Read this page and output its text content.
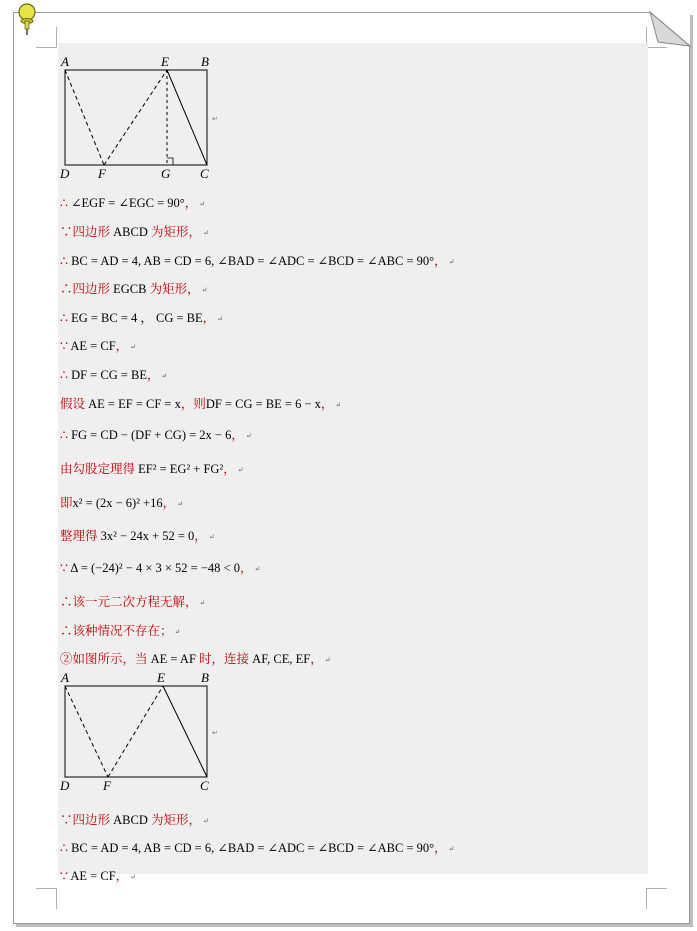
A	E B
D F	G C
↵
∴ ∠EGF = ∠EGC = 90°， ↵
∵四边形 ABCD 为矩形， ↵
∴ BC = AD = 4, AB = CD = 6, ∠BAD = ∠ADC = ∠BCD = ∠ABC = 90°， ↵
∴四边形 EGCB 为矩形， ↵
∴ EG = BC = 4 ， CG = BE， ↵
∵ AE = CF， ↵
∴ DF = CG = BE， ↵
假设 AE = EF = CF = x，则DF = CG = BE = 6 − x， ↵
∴ FG = CD − (DF + CG) = 2x − 6， ↵
由勾股定理得 EF² = EG² + FG²， ↵
即x² = (2x − 6)² +16， ↵
整理得 3x² − 24x + 52 = 0， ↵
∵ Δ = (−24)² − 4 × 3 × 52 = −48 < 0， ↵
∴该一元二次方程无解， ↵
∴该种情况不存在； ↵
②如图所示，当 AE = AF 时，连接 AF, CE, EF， ↵
A	E	B
D	F	C
↵
∵四边形 ABCD 为矩形， ↵
∴ BC = AD = 4, AB = CD = 6, ∠BAD = ∠ADC = ∠BCD = ∠ABC = 90°， ↵
∵ AE = CF， ↵
